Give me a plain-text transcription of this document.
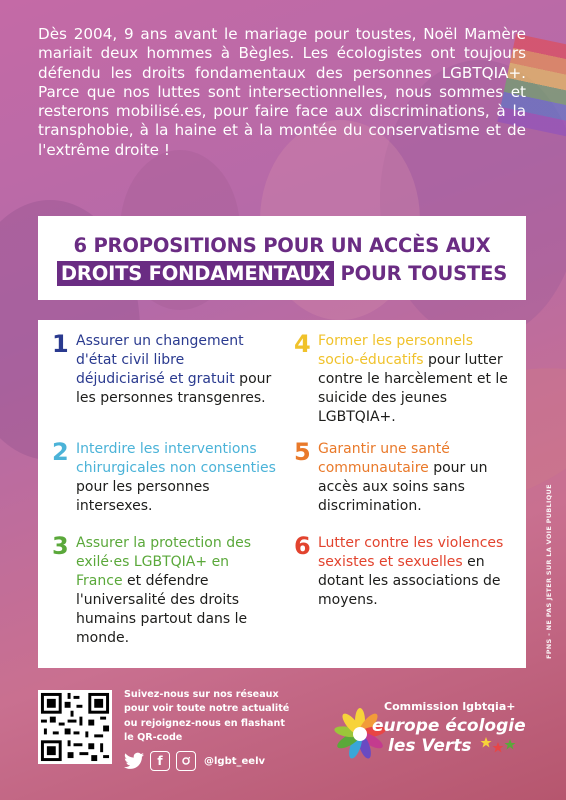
Dès 2004, 9 ans avant le mariage pour toustes, Noël Mamère mariait deux hommes à Bègles. Les écologistes ont toujours défendu les droits fondamentaux des personnes LGBTQIA+. Parce que nos luttes sont intersectionnelles, nous sommes et resterons mobilisé.es, pour faire face aux discriminations, à la transphobie, à la haine et à la montée du conservatisme et de l'extrême droite !

6 PROPOSITIONS POUR UN ACCÈS AUX
DROITS FONDAMENTAUX POUR TOUSTES
1 Assurer un changement d'état civil libre déjudiciarisé et gratuit pour les personnes transgenres.
2 Interdire les interventions chirurgicales non consenties pour les personnes intersexes.
3 Assurer la protection des exilé·es LGBTQIA+ en France et défendre l'universalité des droits humains partout dans le monde.
4 Former les personnels socio-éducatifs pour lutter contre le harcèlement et le suicide des jeunes LGBTQIA+.
5 Garantir une santé communautaire pour un accès aux soins sans discrimination.
6 Lutter contre les violences sexistes et sexuelles en dotant les associations de moyens.
Suivez-nous sur nos réseaux pour voir toute notre actualité ou rejoignez-nous en flashant le QR-code
f	@lgbt_eelv
Commission lgbtqia+
europe écologie
les Verts
FPNS - NE PAS JETER SUR LA VOIE PUBLIQUE
